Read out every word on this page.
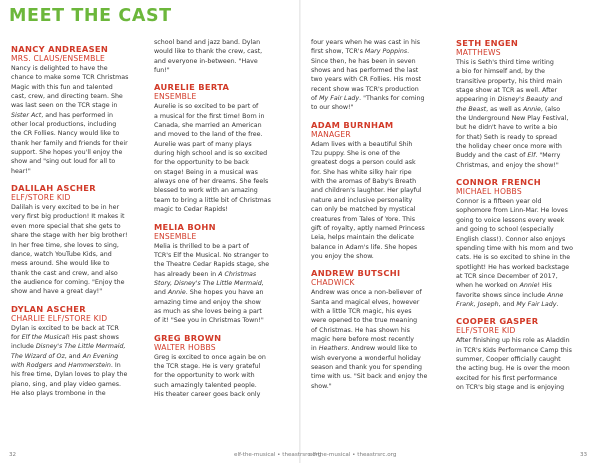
MEET THE CAST
NANCY ANDREASEN
MRS. CLAUS/ENSEMBLE

Nancy is delighted to have the
chance to make some TCR Christmas
Magic with this fun and talented
cast, crew, and directing team. She
was last seen on the TCR stage in
Sister Act, and has performed in
other local productions, including
the CR Follies. Nancy would like to
thank her family and friends for their
support. She hopes you'll enjoy the
show and "sing out loud for all to
hear!"

DALILAH ASCHER
ELF/STORE KID

Dalilah is very excited to be in her
very first big production! It makes it
even more special that she gets to
share the stage with her big brother!
In her free time, she loves to sing,
dance, watch YouTube Kids, and
mess around. She would like to
thank the cast and crew, and also
the audience for coming. "Enjoy the
show and have a great day!"

DYLAN ASCHER
CHARLIE ELF/STORE KID

Dylan is excited to be back at TCR
for Elf the Musical! His past shows
include Disney's The Little Mermaid,
The Wizard of Oz, and An Evening
with Rodgers and Hammerstein. In
his free time, Dylan loves to play the
piano, sing, and play video games.
He also plays trombone in the

school band and jazz band. Dylan
would like to thank the crew, cast,
and everyone in-between. "Have
fun!"

AURELIE BERTA
ENSEMBLE

Aurelie is so excited to be part of
a musical for the first time! Born in
Canada, she married an American
and moved to the land of the free.
Aurelie was part of many plays
during high school and is so excited
for the opportunity to be back
on stage! Being in a musical was
always one of her dreams. She feels
blessed to work with an amazing
team to bring a little bit of Christmas
magic to Cedar Rapids!

MELIA BOHN
ENSEMBLE

Melia is thrilled to be a part of
TCR's Elf the Musical. No stranger to
the Theatre Cedar Rapids stage, she
has already been in A Christmas
Story, Disney's The Little Mermaid,
and Annie. She hopes you have an
amazing time and enjoy the show
as much as she loves being a part
of it! "See you in Christmas Town!"

GREG BROWN
WALTER HOBBS

Greg is excited to once again be on
the TCR stage. He is very grateful
for the opportunity to work with
such amazingly talented people.
His theater career goes back only

four years when he was cast in his
first show, TCR's Mary Poppins.
Since then, he has been in seven
shows and has performed the last
two years with CR Follies. His most
recent show was TCR's production
of My Fair Lady. "Thanks for coming
to our show!"

ADAM BURNHAM
MANAGER

Adam lives with a beautiful Shih
Tzu puppy. She is one of the
greatest dogs a person could ask
for. She has white silky hair ripe
with the aromas of Baby's Breath
and children's laughter. Her playful
nature and inclusive personality
can only be matched by mystical
creatures from Tales of Yore. This
gift of royalty, aptly named Princess
Leia, helps maintain the delicate
balance in Adam's life. She hopes
you enjoy the show.

ANDREW BUTSCHI
CHADWICK

Andrew was once a non-believer of
Santa and magical elves, however
with a little TCR magic, his eyes
were opened to the true meaning
of Christmas. He has shown his
magic here before most recently
in Heathers. Andrew would like to
wish everyone a wonderful holiday
season and thank you for spending
time with us. "Sit back and enjoy the
show."

SETH ENGEN
MATTHEWS

This is Seth's third time writing
a bio for himself and, by the
transitive property, his third main
stage show at TCR as well. After
appearing in Disney's Beauty and
the Beast, as well as Annie, (also
the Underground New Play Festival,
but he didn't have to write a bio
for that) Seth is ready to spread
the holiday cheer once more with
Buddy and the cast of Elf. "Merry
Christmas, and enjoy the show!"

CONNOR FRENCH
MICHAEL HOBBS

Connor is a fifteen year old
sophomore from Linn-Mar. He loves
going to voice lessons every week
and going to school (especially
English class!). Connor also enjoys
spending time with his mom and two
cats. He is so excited to shine in the
spotlight! He has worked backstage
at TCR since December of 2017,
when he worked on Annie! His
favorite shows since include Anne
Frank, Joseph, and My Fair Lady.

COOPER GASPER
ELF/STORE KID

After finishing up his role as Aladdin
in TCR's Kids Performance Camp this
summer, Cooper officially caught
the acting bug. He is over the moon
excited for his first performance
on TCR's big stage and is enjoying

32	elf-the-musical • theastrsrc.org
elf-the-musical • theastrsrc.org	33
